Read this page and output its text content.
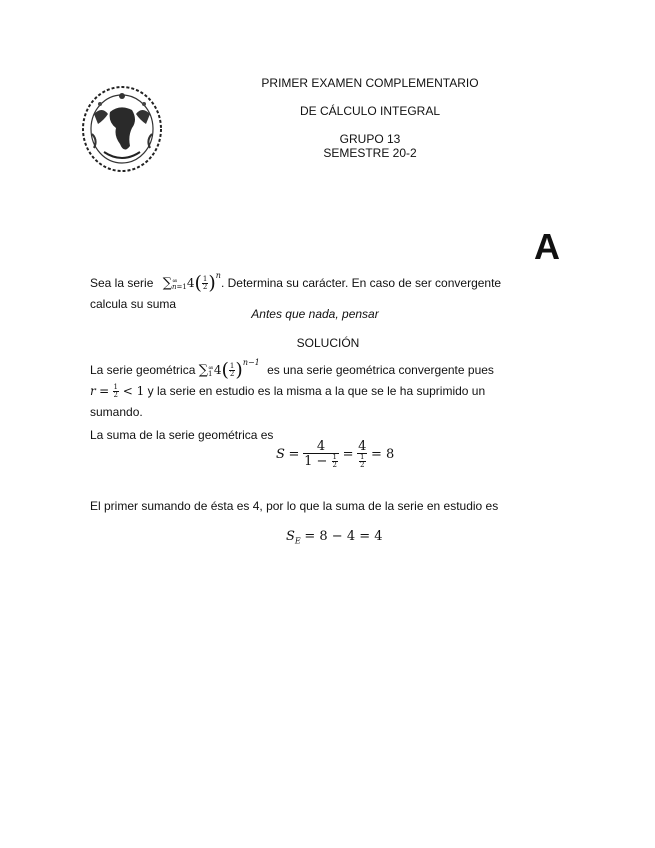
PRIMER EXAMEN COMPLEMENTARIO
DE CÁLCULO INTEGRAL
GRUPO 13
SEMESTRE 20-2
A
Sea la serie ∑ ∞
n=1 $4( \frac{1}{2} )^n$. Determina su carácter. En caso de ser convergente
calcula su suma
Antes que nada, pensar
SOLUCIÓN
La serie geométrica ∑ ∞
1 $4( \frac{1}{2} )^{n-1}$ es una serie geométrica convergente pues
$r = \frac{1}{2} < 1$ y la serie en estudio es la misma a la que se le ha suprimido un
sumando.
La suma de la serie geométrica es
$S = \frac{4}{1 - \frac{1}{2}} = \frac{4}{\frac{1}{2}} = 8$
El primer sumando de ésta es 4, por lo que la suma de la serie en estudio es
$S_E = 8 - 4 = 4$
